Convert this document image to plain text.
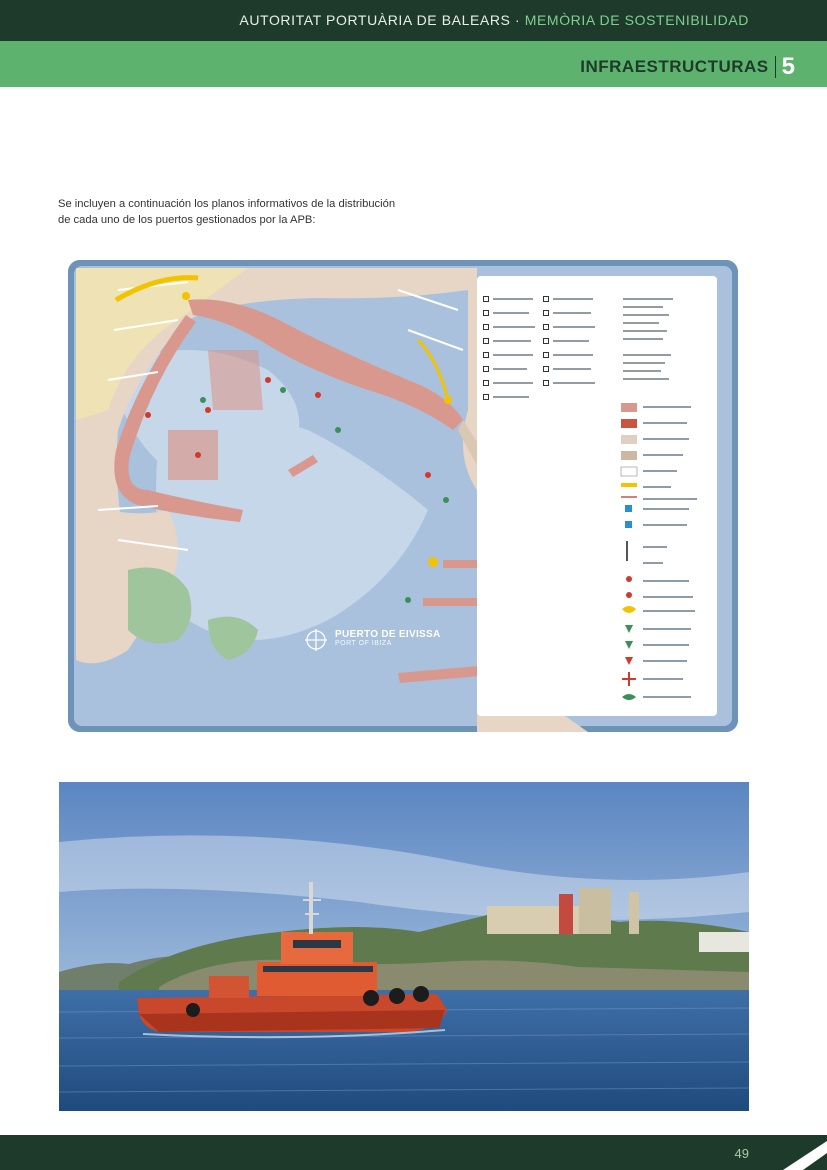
AUTORITAT PORTUÀRIA DE BALEARS · MEMÒRIA DE SOSTENIBILIDAD
INFRAESTRUCTURAS 5

Se incluyen a continuación los planos informativos de la distribución de cada uno de los puertos gestionados por la APB:

PUERTO DE EIVISSA
PORT OF IBIZA
49
